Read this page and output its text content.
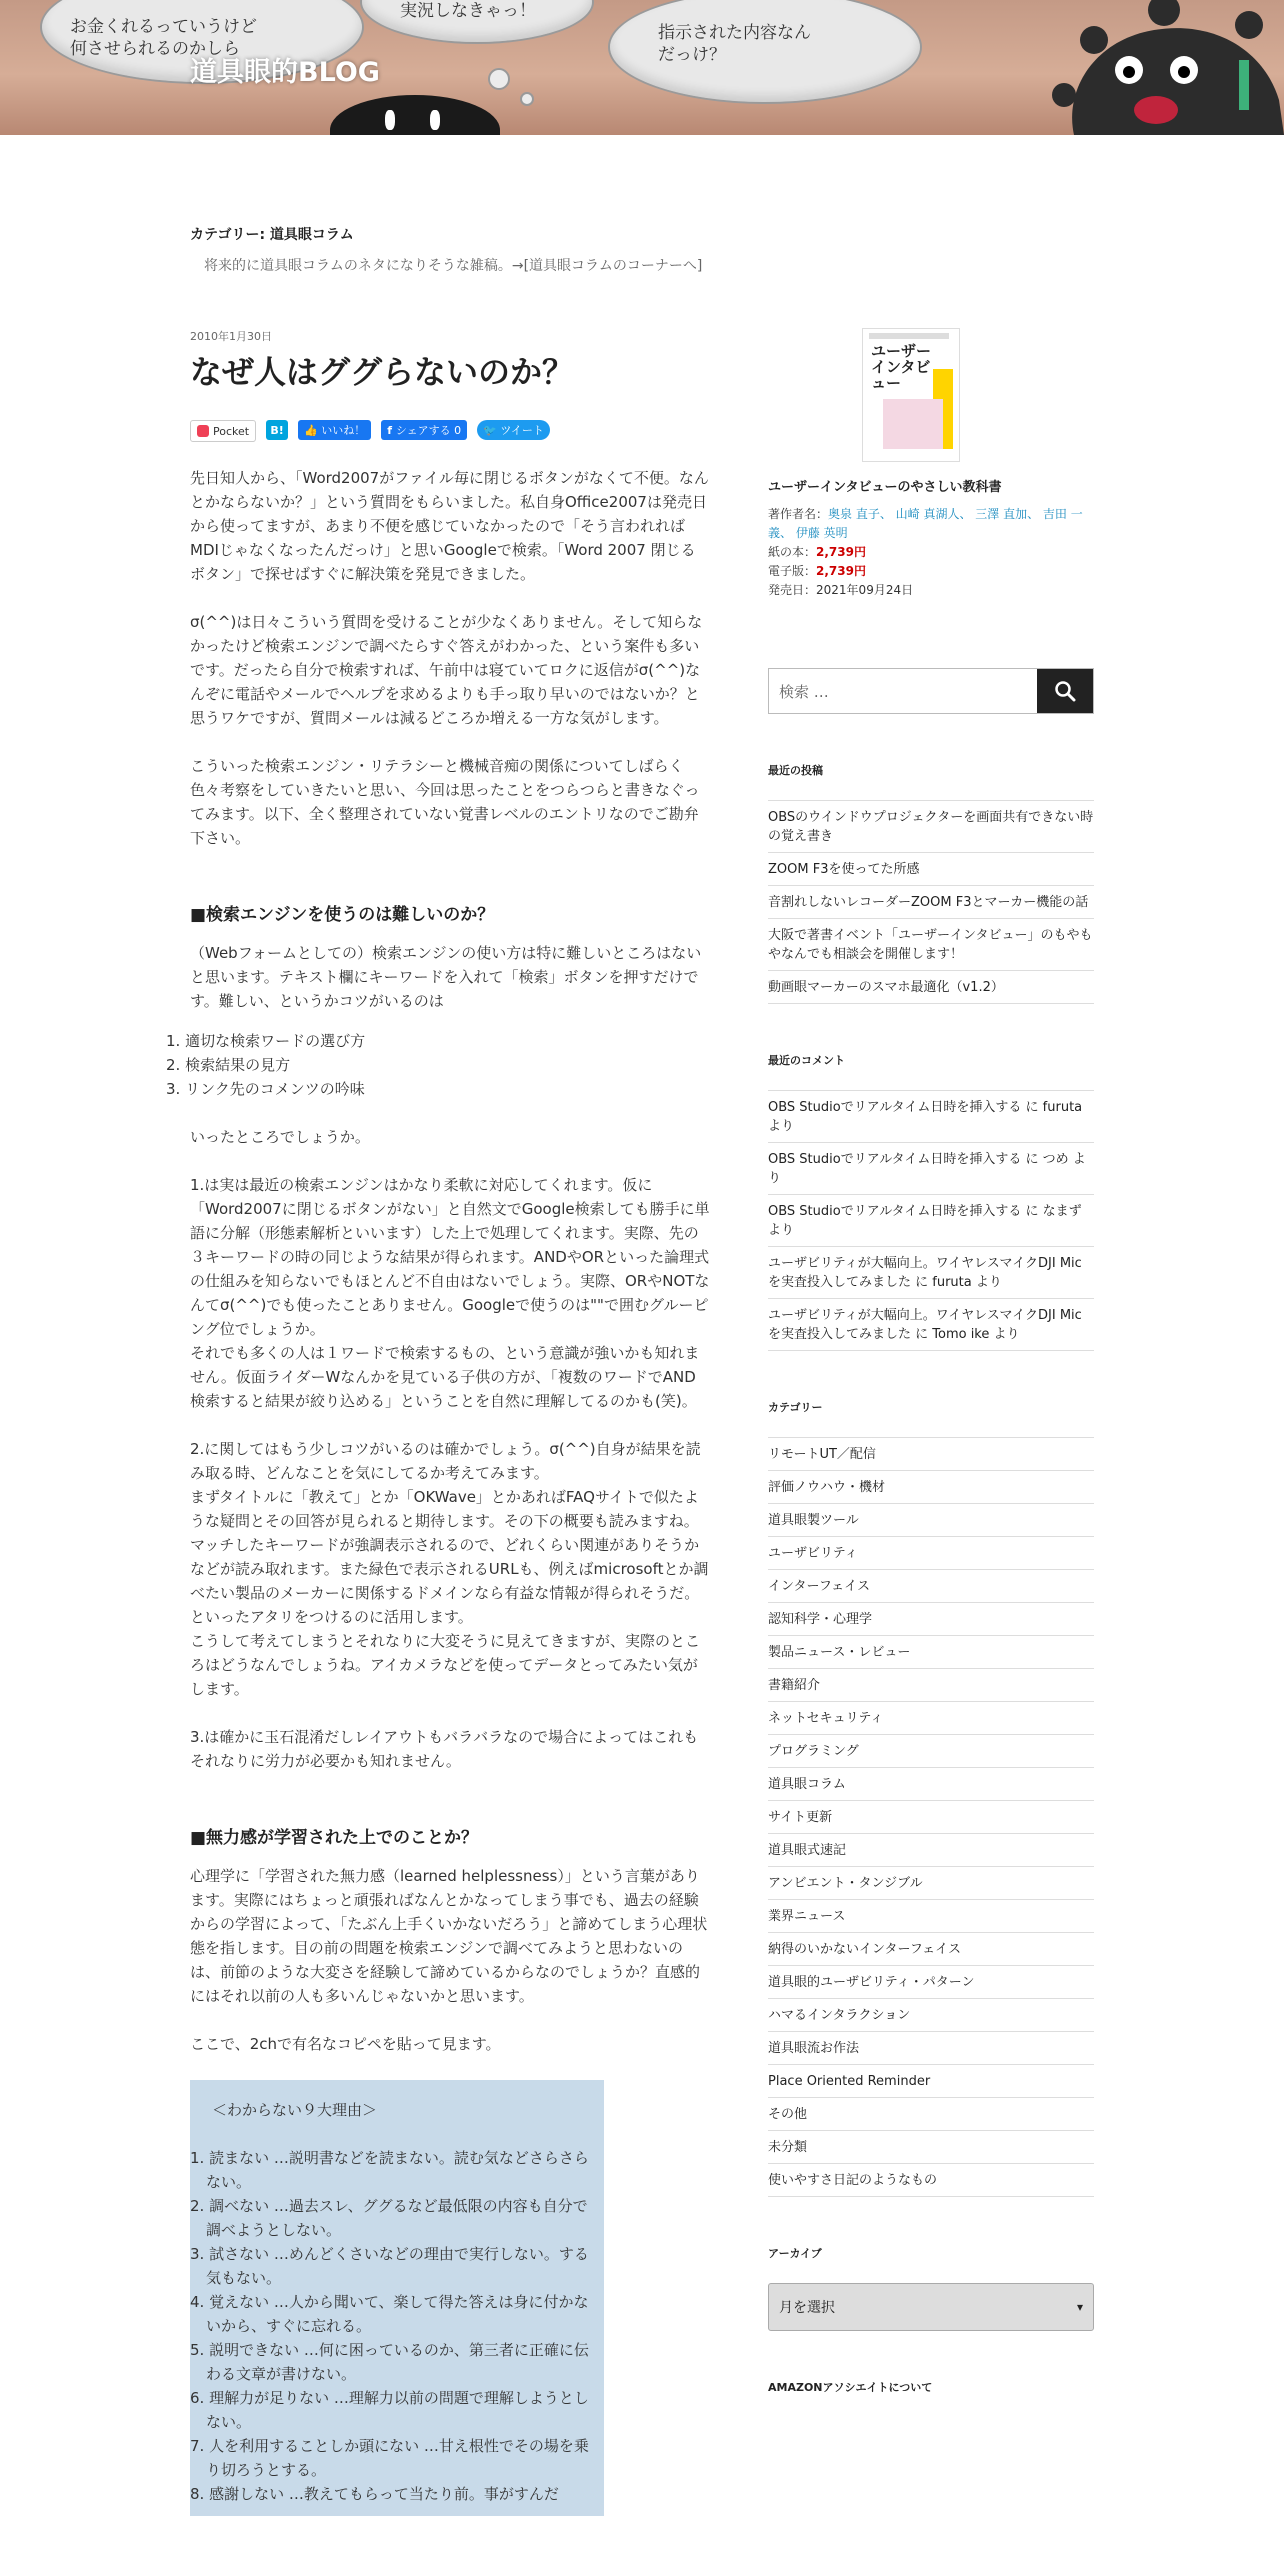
お金くれるっていうけど
何させられるのかしら
実況しなきゃっ！
指示された内容なん
だっけ？
道具眼的BLOG
カテゴリー: 道具眼コラム
将来的に道具眼コラムのネタになりそうな雑稿。→[道具眼コラムのコーナーへ]
2010年1月30日
なぜ人はググらないのか？
Pocket	B!	👍 いいね！ f シェアする 0 🐦 ツイート
先日知人から、「Word2007がファイル毎に閉じるボタンがなくて不便。なんとかならないか？」という質問をもらいました。私自身Office2007は発売日から使ってますが、あまり不便を感じていなかったので「そう言われればMDIじゃなくなったんだっけ」と思いGoogleで検索。「Word 2007 閉じるボタン」で探せばすぐに解決策を発見できました。
σ(^^)は日々こういう質問を受けることが少なくありません。そして知らなかったけど検索エンジンで調べたらすぐ答えがわかった、という案件も多いです。だったら自分で検索すれば、午前中は寝ていてロクに返信がσ(^^)なんぞに電話やメールでヘルプを求めるよりも手っ取り早いのではないか？と思うワケですが、質問メールは減るどころか増える一方な気がします。
こういった検索エンジン・リテラシーと機械音痴の関係についてしばらく色々考察をしていきたいと思い、今回は思ったことをつらつらと書きなぐってみます。以下、全く整理されていない覚書レベルのエントリなのでご勘弁下さい。
■検索エンジンを使うのは難しいのか？
（Webフォームとしての）検索エンジンの使い方は特に難しいところはないと思います。テキスト欄にキーワードを入れて「検索」ボタンを押すだけです。難しい、というかコツがいるのは
1. 適切な検索ワードの選び方
2. 検索結果の見方
3. リンク先のコメンツの吟味
いったところでしょうか。
1.は実は最近の検索エンジンはかなり柔軟に対応してくれます。仮に「Word2007に閉じるボタンがない」と自然文でGoogle検索しても勝手に単語に分解（形態素解析といいます）した上で処理してくれます。実際、先の３キーワードの時の同じような結果が得られます。ANDやORといった論理式の仕組みを知らないでもほとんど不自由はないでしょう。実際、ORやNOTなんてσ(^^)でも使ったことありません。Googleで使うのは""で囲むグルーピング位でしょうか。
それでも多くの人は１ワードで検索するもの、という意識が強いかも知れません。仮面ライダーWなんかを見ている子供の方が、「複数のワードでAND検索すると結果が絞り込める」ということを自然に理解してるのかも(笑)。
2.に関してはもう少しコツがいるのは確かでしょう。σ(^^)自身が結果を読み取る時、どんなことを気にしてるか考えてみます。
まずタイトルに「教えて」とか「OKWave」とかあればFAQサイトで似たような疑問とその回答が見られると期待します。その下の概要も読みますね。マッチしたキーワードが強調表示されるので、どれくらい関連がありそうかなどが読み取れます。また緑色で表示されるURLも、例えばmicrosoftとか調べたい製品のメーカーに関係するドメインなら有益な情報が得られそうだ。といったアタリをつけるのに活用します。
こうして考えてしまうとそれなりに大変そうに見えてきますが、実際のところはどうなんでしょうね。アイカメラなどを使ってデータとってみたい気がします。
3.は確かに玉石混淆だしレイアウトもバラバラなので場合によってはこれもそれなりに労力が必要かも知れません。
■無力感が学習された上でのことか？
心理学に「学習された無力感（learned helplessness）」という言葉があります。実際にはちょっと頑張ればなんとかなってしまう事でも、過去の経験からの学習によって、「たぶん上手くいかないだろう」と諦めてしまう心理状態を指します。目の前の問題を検索エンジンで調べてみようと思わないのは、前節のような大変さを経験して諦めているからなのでしょうか？直感的にはそれ以前の人も多いんじゃないかと思います。
ここで、2chで有名なコピペを貼って見ます。
＜わからない９大理由＞
1. 読まない …説明書などを読まない。読む気などさらさらない。
2. 調べない …過去スレ、ググるなど最低限の内容も自分で調べようとしない。
3. 試さない …めんどくさいなどの理由で実行しない。する気もない。
4. 覚えない …人から聞いて、楽して得た答えは身に付かないから、すぐに忘れる。
5. 説明できない …何に困っているのか、第三者に正確に伝わる文章が書けない。
6. 理解力が足りない …理解力以前の問題で理解しようとしない。
7. 人を利用することしか頭にない …甘え根性でその場を乗り切ろうとする。
8. 感謝しない …教えてもらって当たり前。事がすんだ
ユーザーインタビュー
ユーザーインタビューのやさしい教科書
著作者名：奥泉 直子、 山崎 真湖人、 三澤 直加、 吉田 一義、 伊藤 英明
紙の本：2,739円
電子版：2,739円
発売日：2021年09月24日
検索 …
最近の投稿
OBSのウインドウプロジェクターを画面共有できない時の覚え書き
ZOOM F3を使ってた所感
音割れしないレコーダーZOOM F3とマーカー機能の話
大阪で著書イベント「ユーザーインタビュー」のもやもやなんでも相談会を開催します！
動画眼マーカーのスマホ最適化（v1.2）
最近のコメント
OBS Studioでリアルタイム日時を挿入する に furuta より
OBS Studioでリアルタイム日時を挿入する に つめ より
OBS Studioでリアルタイム日時を挿入する に なまず より
ユーザビリティが大幅向上。ワイヤレスマイクDJI Micを実査投入してみました に furuta より
ユーザビリティが大幅向上。ワイヤレスマイクDJI Micを実査投入してみました に Tomo ike より
カテゴリー
リモートUT／配信
評価ノウハウ・機材
道具眼製ツール
ユーザビリティ
インターフェイス
認知科学・心理学
製品ニュース・レビュー
書籍紹介
ネットセキュリティ
プログラミング
道具眼コラム
サイト更新
道具眼式速記
アンビエント・タンジブル
業界ニュース
納得のいかないインターフェイス
道具眼的ユーザビリティ・パターン
ハマるインタラクション
道具眼流お作法
Place Oriented Reminder
その他
未分類
使いやすさ日記のようなもの
アーカイブ
月を選択	▾
AMAZONアソシエイトについて
